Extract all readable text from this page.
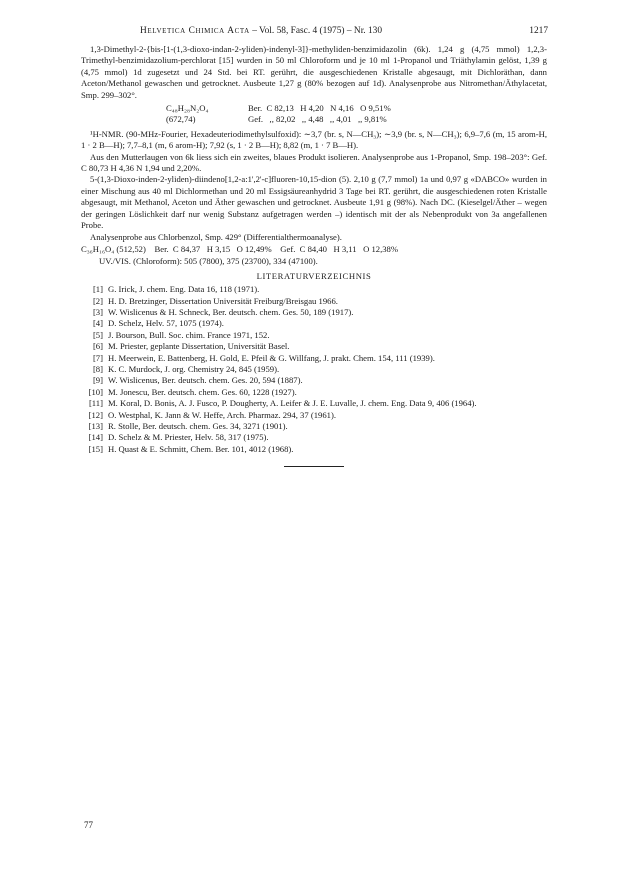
Helvetica Chimica Acta – Vol. 58, Fasc. 4 (1975) – Nr. 130	1217

1,3-Dimethyl-2-{bis-[1-(1,3-dioxo-indan-2-yliden)-indenyl-3]}-methyliden-benzimidazolin (6k). 1,24 g (4,75 mmol) 1,2,3-Trimethyl-benzimidazolium-perchlorat [15] wurden in 50 ml Chloroform und je 10 ml 1-Propanol und Triäthylamin gelöst, 1,39 g (4,75 mmol) 1d zugesetzt und 24 Std. bei RT. gerührt, die ausgeschiedenen Kristalle abgesaugt, mit Dichloräthan, dann Aceton/Methanol gewaschen und getrocknet. Ausbeute 1,27 g (80% bezogen auf 1d). Analysenprobe aus Nitromethan/Äthylacetat, Smp. 299–302°.

C₄₈H₂₈N₂O₄	Ber.  C 82,13   H 4,20   N 4,16   O 9,51%
(672,74)	Gef.   ,, 82,02   ,, 4,48   ,, 4,01   ,, 9,81%

¹H-NMR. (90-MHz-Fourier, Hexadeuteriodimethylsulfoxid): ∼3,7 (br. s, N—CH₃); ∼3,9 (br. s, N—CH₃); 6,9–7,6 (m, 15 arom-H, 1 · 2 B—H); 7,7–8,1 (m, 6 arom-H); 7,92 (s, 1 · 2 B—H); 8,82 (m, 1 · 7 B—H).

Aus den Mutterlaugen von 6k liess sich ein zweites, blaues Produkt isolieren. Analysenprobe aus 1-Propanol, Smp. 198–203°: Gef. C 80,73 H 4,36 N 1,94 und 2,20%.

5-(1,3-Dioxo-inden-2-yliden)-diindeno[1,2-a:1',2'-c]fluoren-10,15-dion (5). 2,10 g (7,7 mmol) 1a und 0,97 g «DABCO» wurden in einer Mischung aus 40 ml Dichlormethan und 20 ml Essigsäureanhydrid 3 Tage bei RT. gerührt, die ausgeschiedenen roten Kristalle abgesaugt, mit Methanol, Aceton und Äther gewaschen und getrocknet. Ausbeute 1,91 g (98%). Nach DC. (Kieselgel/Äther – wegen der geringen Löslichkeit darf nur wenig Substanz aufgetragen werden –) identisch mit der als Nebenprodukt von 3a angefallenen Probe.

Analysenprobe aus Chlorbenzol, Smp. 429° (Differentialthermoanalyse).

C₃₆H₁₆O₄ (512,52)    Ber.  C 84,37   H 3,15   O 12,49%    Gef.  C 84,40   H 3,11   O 12,38%
UV./VIS. (Chloroform): 505 (7800), 375 (23700), 334 (47100).
LITERATURVERZEICHNIS
[1] G. Irick, J. chem. Eng. Data 16, 118 (1971).
[2] H. D. Bretzinger, Dissertation Universität Freiburg/Breisgau 1966.
[3] W. Wislicenus & H. Schneck, Ber. deutsch. chem. Ges. 50, 189 (1917).
[4] D. Schelz, Helv. 57, 1075 (1974).
[5] J. Bourson, Bull. Soc. chim. France 1971, 152.
[6] M. Priester, geplante Dissertation, Universität Basel.
[7] H. Meerwein, E. Battenberg, H. Gold, E. Pfeil & G. Willfang, J. prakt. Chem. 154, 111 (1939).
[8] K. C. Murdock, J. org. Chemistry 24, 845 (1959).
[9] W. Wislicenus, Ber. deutsch. chem. Ges. 20, 594 (1887).
[10] M. Jonescu, Ber. deutsch. chem. Ges. 60, 1228 (1927).
[11] M. Koral, D. Bonis, A. J. Fusco, P. Dougherty, A. Leifer & J. E. Luvalle, J. chem. Eng. Data 9, 406 (1964).
[12] O. Westphal, K. Jann & W. Heffe, Arch. Pharmaz. 294, 37 (1961).
[13] R. Stolle, Ber. deutsch. chem. Ges. 34, 3271 (1901).
[14] D. Schelz & M. Priester, Helv. 58, 317 (1975).
[15] H. Quast & E. Schmitt, Chem. Ber. 101, 4012 (1968).
77
